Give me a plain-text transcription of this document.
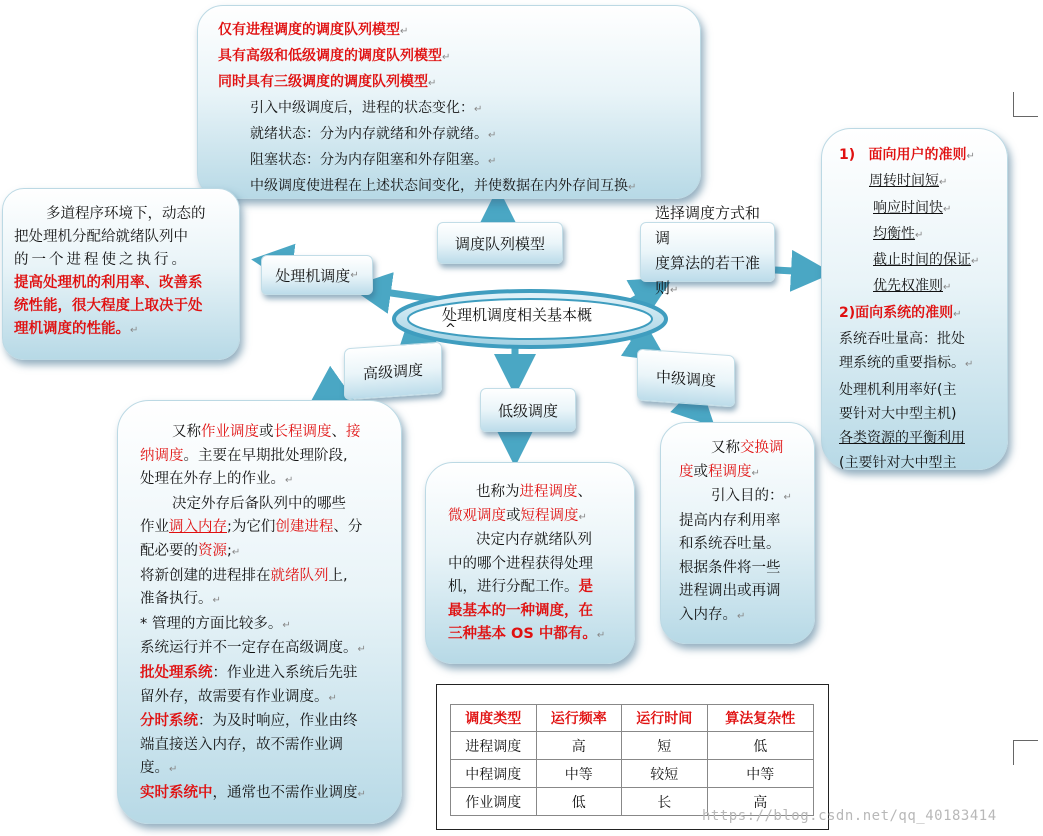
仅有进程调度的调度队列模型↵
具有高级和低级调度的调度队列模型↵
同时具有三级调度的调度队列模型↵
引入中级调度后，进程的状态变化：↵
就绪状态：分为内存就绪和外存就绪。↵
阻塞状态：分为内存阻塞和外存阻塞。↵
中级调度使进程在上述状态间变化，并使数据在内外存间互换↵
多道程序环境下，动态的
把处理机分配给就绪队列中
的一个进程使之执行。
提高处理机的利用率、改善系
统性能，很大程度上取决于处
理机调度的性能。↵
1) 面向用户的准则↵
周转时间短↵
响应时间快↵
均衡性↵
截止时间的保证↵
优先权准则↵
2)面向系统的准则↵
系统吞吐量高：批处
理系统的重要指标。↵
处理机利用率好(主
要针对大中型主机)
各类资源的平衡利用
(主要针对大中型主
处理机调度相关基本概
^
调度队列模型
处理机调度 ↵
选择调度方式和调
度算法的若干准则↵
高级调度
低级调度
中级调度
又称作业调度或长程调度、接
纳调度。主要在早期批处理阶段,
处理在外存上的作业。↵
决定外存后备队列中的哪些
作业调入内存;为它们创建进程、分
配必要的资源;↵
将新创建的进程排在就绪队列上,
准备执行。↵
* 管理的方面比较多。↵
系统运行并不一定存在高级调度。↵
批处理系统：作业进入系统后先驻
留外存，故需要有作业调度。↵
分时系统：为及时响应，作业由终
端直接送入内存，故不需作业调
度。↵
实时系统中，通常也不需作业调度↵
也称为进程调度、
微观调度或短程调度↵
决定内存就绪队列
中的哪个进程获得处理
机，进行分配工作。是
最基本的一种调度，在
三种基本 OS 中都有。↵
又称交换调
度或程调度↵
引入目的：↵
提高内存利用率
和系统吞吐量。
根据条件将一些
进程调出或再调
入内存。↵
调度类型	运行频率	运行时间	算法复杂性
进程调度	高	短	低
中程调度	中等	较短	中等
作业调度	低	长	高
https://blog.csdn.net/qq_40183414
